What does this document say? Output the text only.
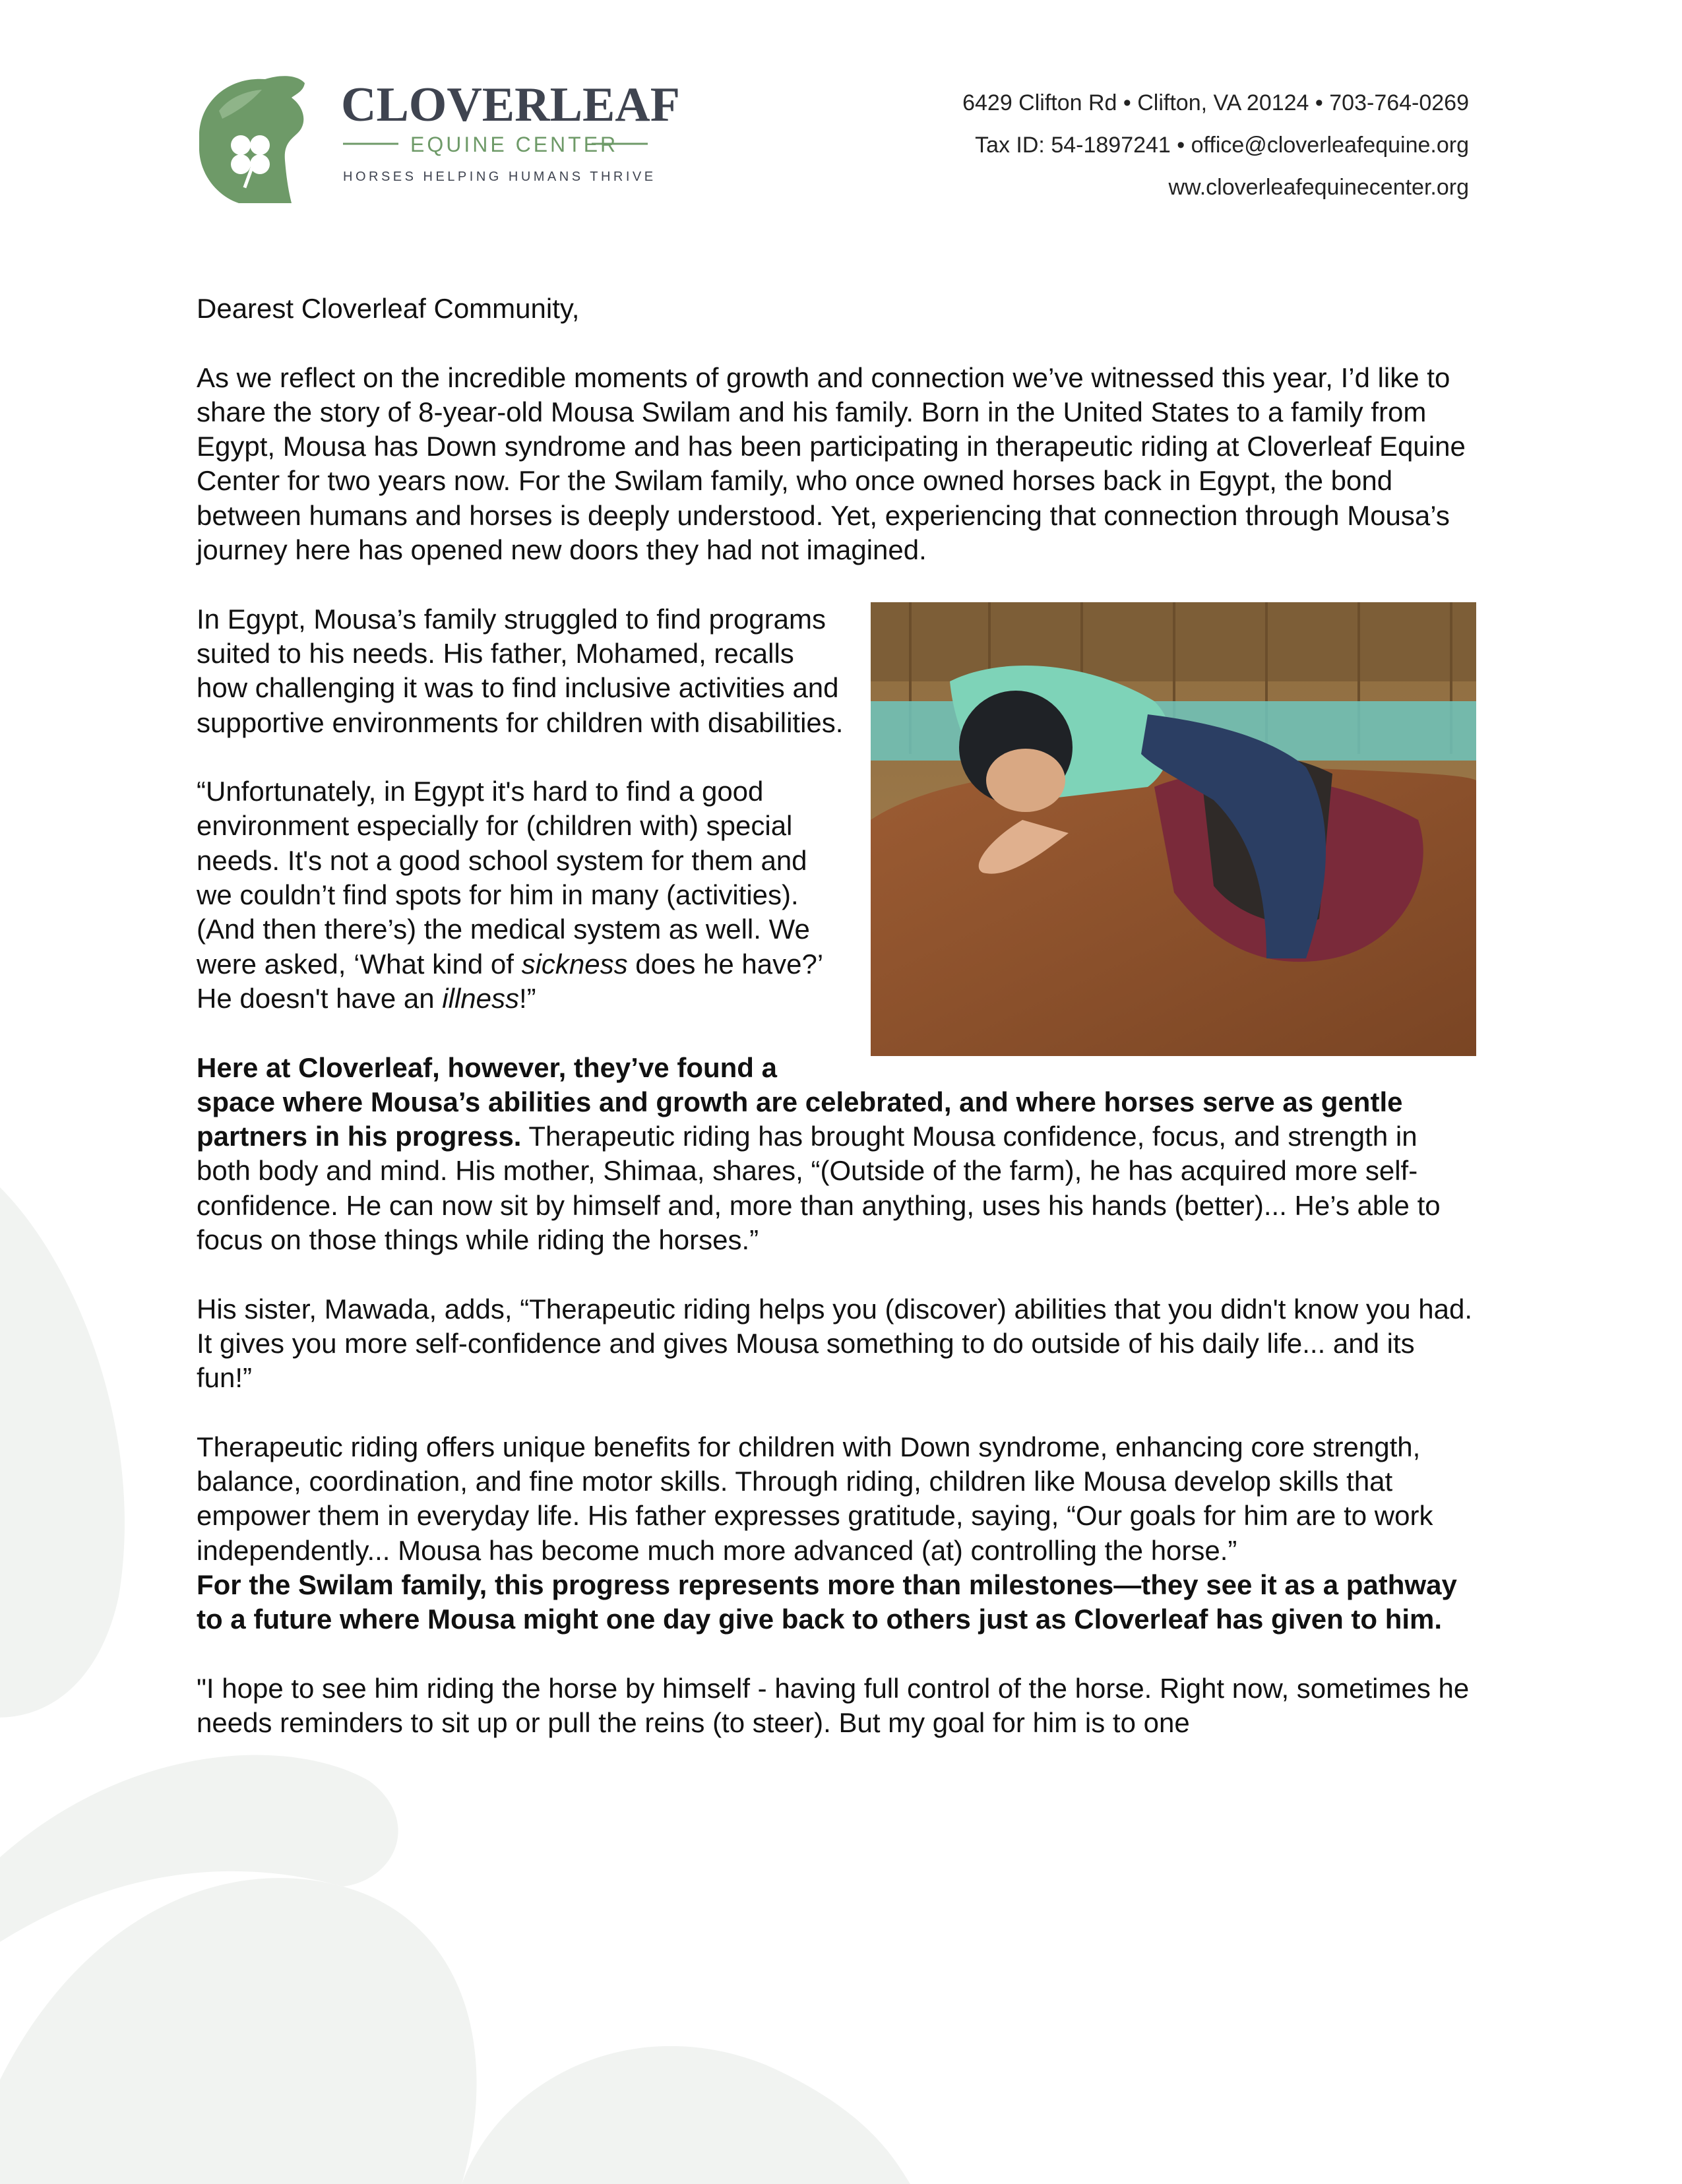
CLOVERLEAF
EQUINE CENTER
HORSES HELPING HUMANS THRIVE
6429 Clifton Rd • Clifton, VA 20124 • 703-764-0269
Tax ID: 54-1897241 • office@cloverleafequine.org
ww.cloverleafequinecenter.org

Dearest Cloverleaf Community,

As we reflect on the incredible moments of growth and connection we’ve witnessed this year, I’d like to share the story of 8-year-old Mousa Swilam and his family. Born in the United States to a family from Egypt, Mousa has Down syndrome and has been participating in therapeutic riding at Cloverleaf Equine Center for two years now. For the Swilam family, who once owned horses back in Egypt, the bond between humans and horses is deeply understood. Yet, experiencing that connection through Mousa’s journey here has opened new doors they had not imagined.

In Egypt, Mousa’s family struggled to find programs suited to his needs. His father, Mohamed, recalls how challenging it was to find inclusive activities and supportive environments for children with disabilities.

“Unfortunately, in Egypt it's hard to find a good environment especially for (children with) special needs. It's not a good school system for them and we couldn’t find spots for him in many (activities). (And then there’s) the medical system as well. We were asked, ‘What kind of sickness does he have?’ He doesn't have an illness!”

Here at Cloverleaf, however, they’ve found a space where Mousa’s abilities and growth are celebrated, and where horses serve as gentle partners in his progress. Therapeutic riding has brought Mousa confidence, focus, and strength in both body and mind. His mother, Shimaa, shares, “(Outside of the farm), he has acquired more self-confidence. He can now sit by himself and, more than anything, uses his hands (better)... He’s able to focus on those things while riding the horses.”

His sister, Mawada, adds, “Therapeutic riding helps you (discover) abilities that you didn't know you had. It gives you more self-confidence and gives Mousa something to do outside of his daily life... and its fun!”

Therapeutic riding offers unique benefits for children with Down syndrome, enhancing core strength, balance, coordination, and fine motor skills. Through riding, children like Mousa develop skills that empower them in everyday life. His father expresses gratitude, saying, “Our goals for him are to work independently... Mousa has become much more advanced (at) controlling the horse.”

For the Swilam family, this progress represents more than milestones—they see it as a pathway to a future where Mousa might one day give back to others just as Cloverleaf has given to him.

"I hope to see him riding the horse by himself - having full control of the horse. Right now, sometimes he needs reminders to sit up or pull the reins (to steer). But my goal for him is to one
